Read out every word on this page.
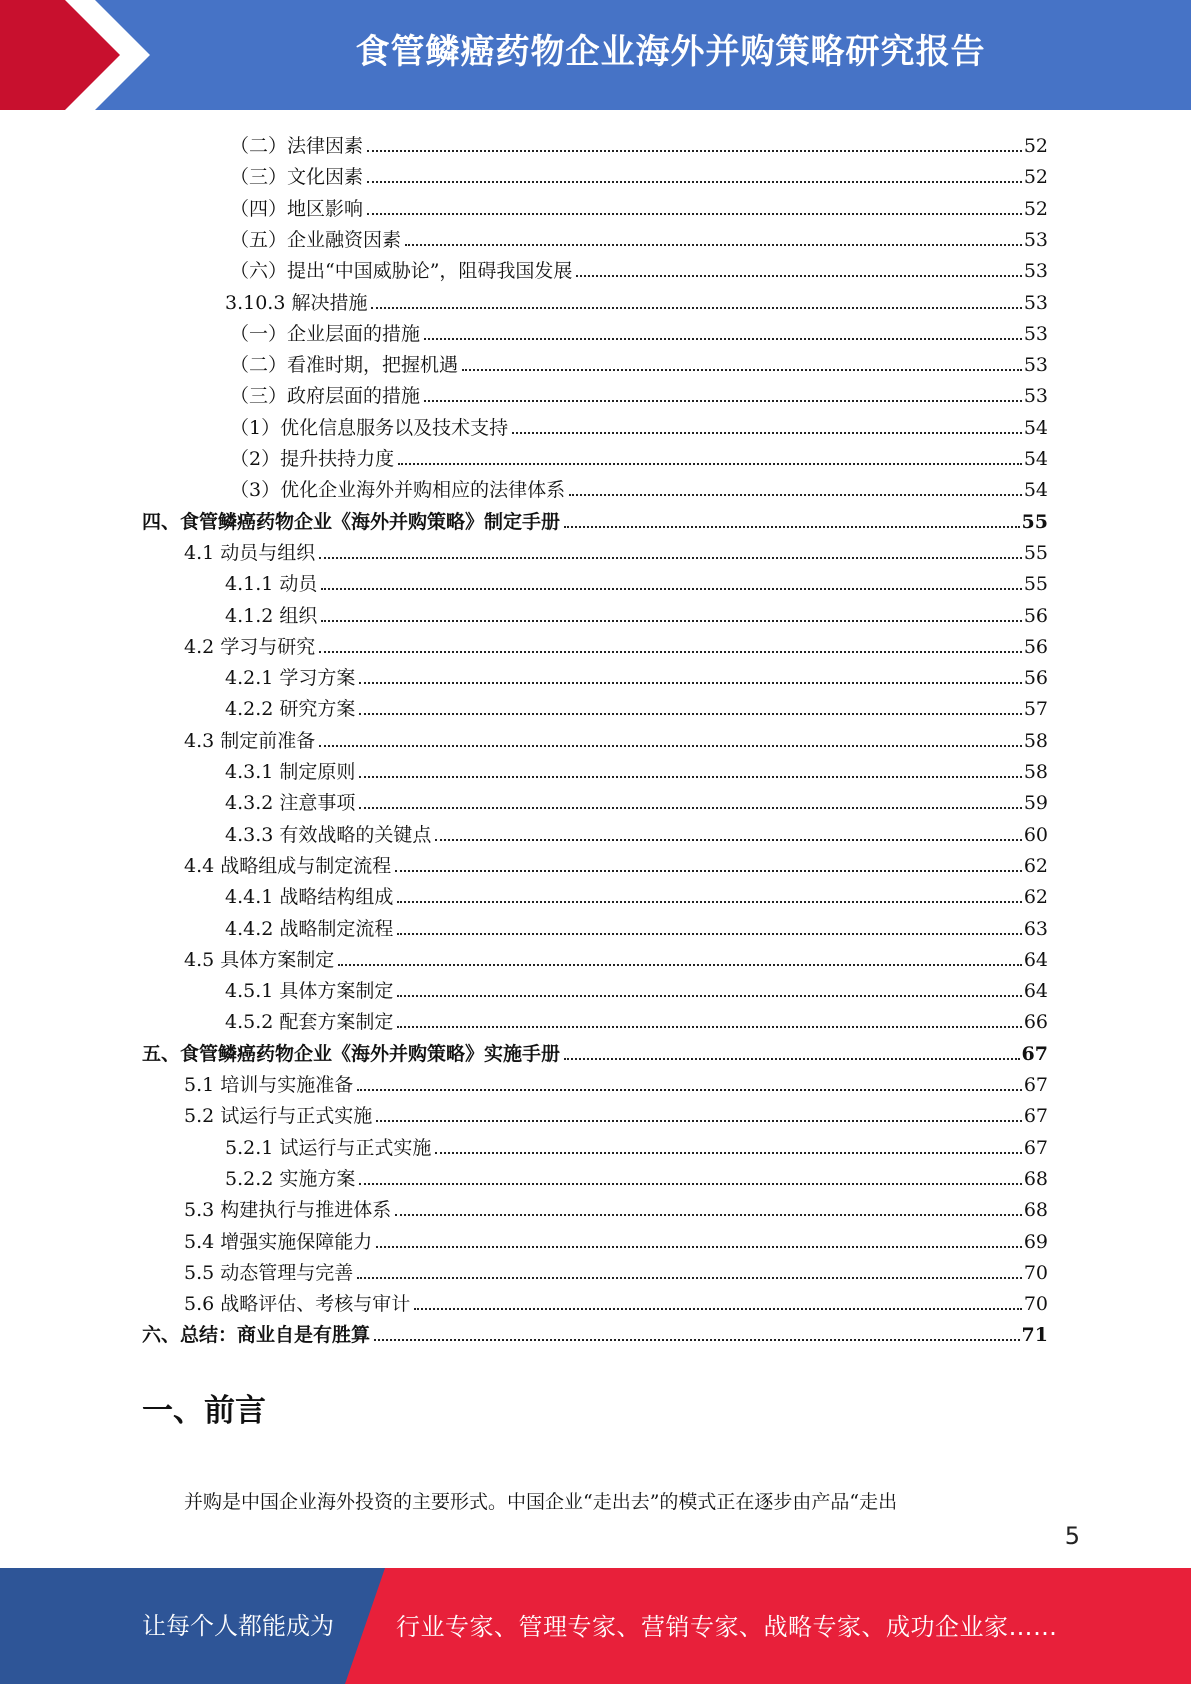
食管鳞癌药物企业海外并购策略研究报告
（二）法律因素	52
（三）文化因素	52
（四）地区影响	52
（五）企业融资因素	53
（六）提出“中国威胁论”，阻碍我国发展	53
3.10.3 解决措施	53
（一）企业层面的措施	53
（二）看准时期，把握机遇	53
（三）政府层面的措施	53
（1）优化信息服务以及技术支持	54
（2）提升扶持力度	54
（3）优化企业海外并购相应的法律体系	54
四、食管鳞癌药物企业《海外并购策略》制定手册	55
4.1 动员与组织	55
4.1.1 动员	55
4.1.2 组织	56
4.2 学习与研究	56
4.2.1 学习方案	56
4.2.2 研究方案	57
4.3 制定前准备	58
4.3.1 制定原则	58
4.3.2 注意事项	59
4.3.3 有效战略的关键点	60
4.4 战略组成与制定流程	62
4.4.1 战略结构组成	62
4.4.2 战略制定流程	63
4.5 具体方案制定	64
4.5.1 具体方案制定	64
4.5.2 配套方案制定	66
五、食管鳞癌药物企业《海外并购策略》实施手册	67
5.1 培训与实施准备	67
5.2 试运行与正式实施	67
5.2.1 试运行与正式实施	67
5.2.2 实施方案	68
5.3 构建执行与推进体系	68
5.4 增强实施保障能力	69
5.5 动态管理与完善	70
5.6 战略评估、考核与审计	70
六、总结：商业自是有胜算	71
一、前言
并购是中国企业海外投资的主要形式。中国企业“走出去”的模式正在逐步由产品“走出
5
让每个人都能成为	行业专家、管理专家、营销专家、战略专家、成功企业家……
